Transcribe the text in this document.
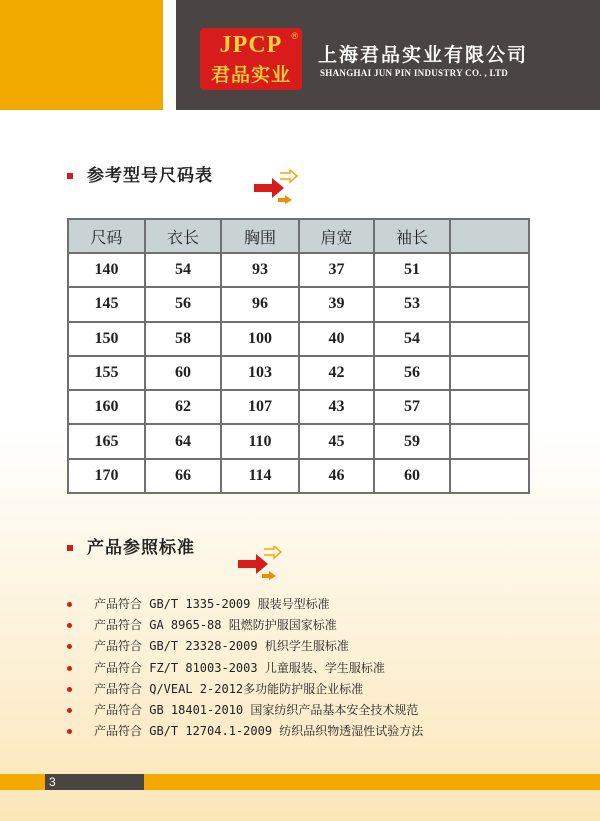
JPCP	®
君品实业
上海君品实业有限公司
SHANGHAI JUN PIN INDUSTRY CO. , LTD
参考型号尺码表
尺码	衣长	胸围	肩宽	袖长	
140	54	93	37	51	
145	56	96	39	53	
150	58	100	40	54	
155	60	103	42	56	
160	62	107	43	57	
165	64	110	45	59	
170	66	114	46	60	
产品参照标准
产品符合 GB/T 1335-2009 服装号型标准
产品符合 GA 8965-88 阻燃防护服国家标准
产品符合 GB/T 23328-2009 机织学生服标准
产品符合 FZ/T 81003-2003 儿童服装、学生服标准
产品符合 Q/VEAL 2-2012多功能防护服企业标准
产品符合 GB 18401-2010 国家纺织产品基本安全技术规范
产品符合 GB/T 12704.1-2009 纺织品织物透湿性试验方法
3
